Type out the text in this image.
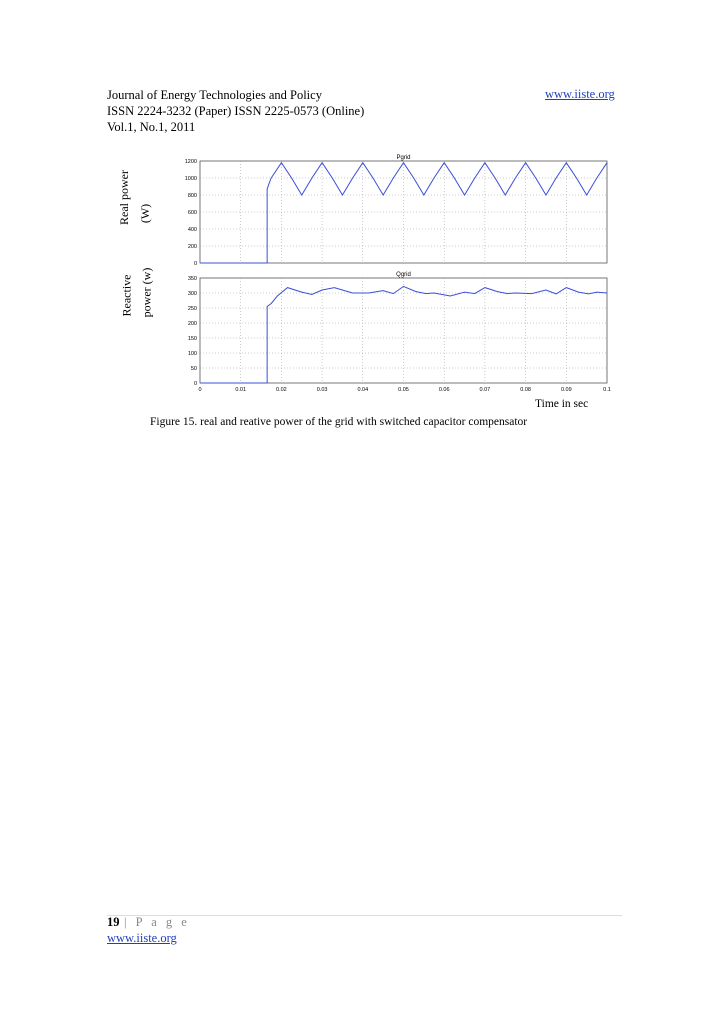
Journal of Energy Technologies and Policy
ISSN 2224-3232 (Paper) ISSN 2225-0573 (Online)
Vol.1, No.1, 2011
www.iiste.org
Real power (W)
Reactive power (w)
0
200
400
600
800
1000
1200
Pgrid
0
50
100
150
200
250
300
350
0	0.01	0.02	0.03	0.04	0.05	0.06	0.07	0.08	0.09	0.1
Qgrid
Time in sec
Figure 15. real and reative power of the grid with switched capacitor compensator
19 | P a g e
www.iiste.org
